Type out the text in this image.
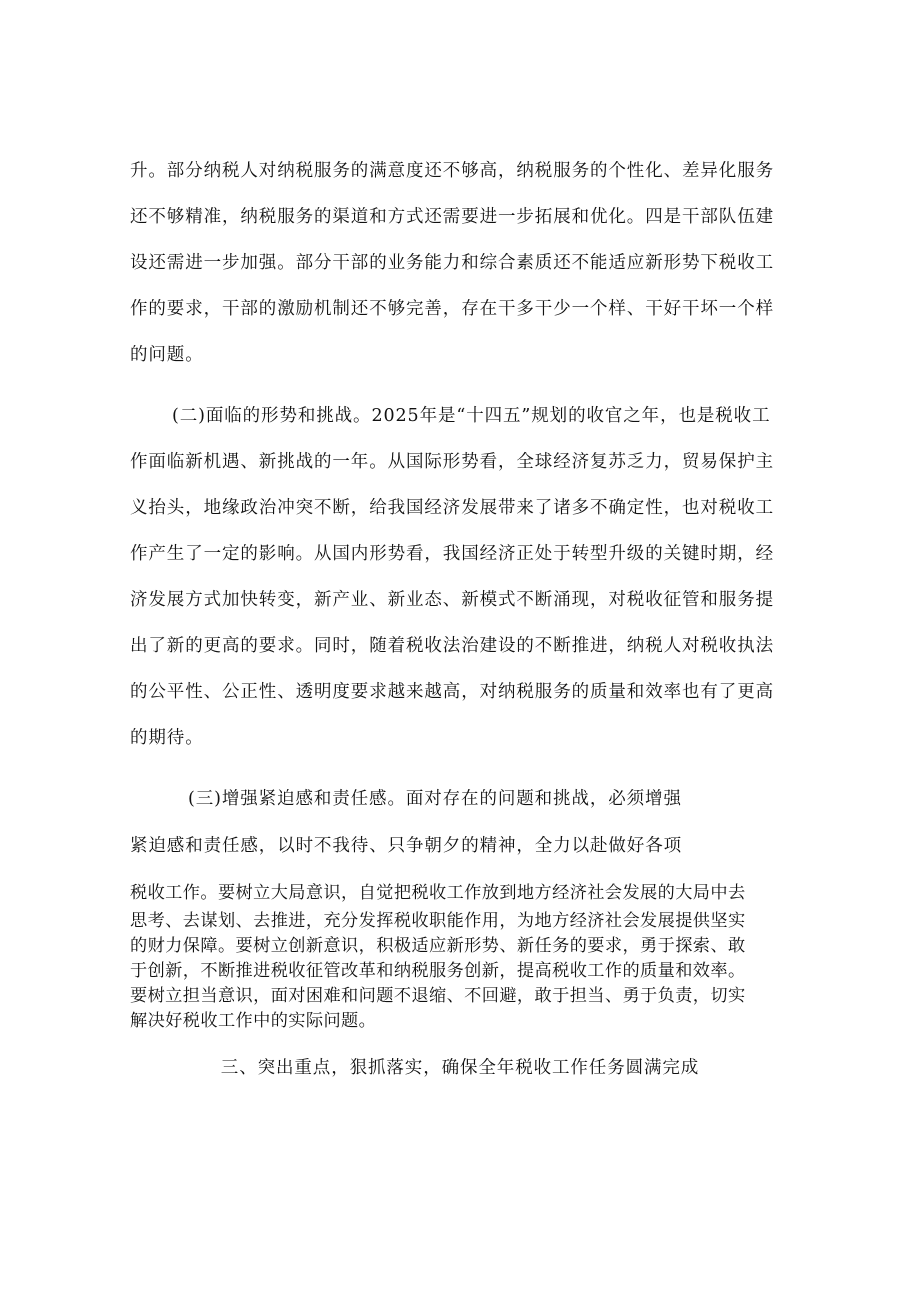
升。部分纳税人对纳税服务的满意度还不够高，纳税服务的个性化、差异化服务
还不够精准，纳税服务的渠道和方式还需要进一步拓展和优化。四是干部队伍建
设还需进一步加强。部分干部的业务能力和综合素质还不能适应新形势下税收工
作的要求，干部的激励机制还不够完善，存在干多干少一个样、干好干坏一个样
的问题。
(二)面临的形势和挑战。2025年是“十四五”规划的收官之年，也是税收工
作面临新机遇、新挑战的一年。从国际形势看，全球经济复苏乏力，贸易保护主
义抬头，地缘政治冲突不断，给我国经济发展带来了诸多不确定性，也对税收工
作产生了一定的影响。从国内形势看，我国经济正处于转型升级的关键时期，经
济发展方式加快转变，新产业、新业态、新模式不断涌现，对税收征管和服务提
出了新的更高的要求。同时，随着税收法治建设的不断推进，纳税人对税收执法
的公平性、公正性、透明度要求越来越高，对纳税服务的质量和效率也有了更高
的期待。
(三)增强紧迫感和责任感。面对存在的问题和挑战，必须增强
紧迫感和责任感，以时不我待、只争朝夕的精神，全力以赴做好各项
税收工作。要树立大局意识，自觉把税收工作放到地方经济社会发展的大局中去
思考、去谋划、去推进，充分发挥税收职能作用，为地方经济社会发展提供坚实
的财力保障。要树立创新意识，积极适应新形势、新任务的要求，勇于探索、敢
于创新，不断推进税收征管改革和纳税服务创新，提高税收工作的质量和效率。
要树立担当意识，面对困难和问题不退缩、不回避，敢于担当、勇于负责，切实
解决好税收工作中的实际问题。
三、突出重点，狠抓落实，确保全年税收工作任务圆满完成
